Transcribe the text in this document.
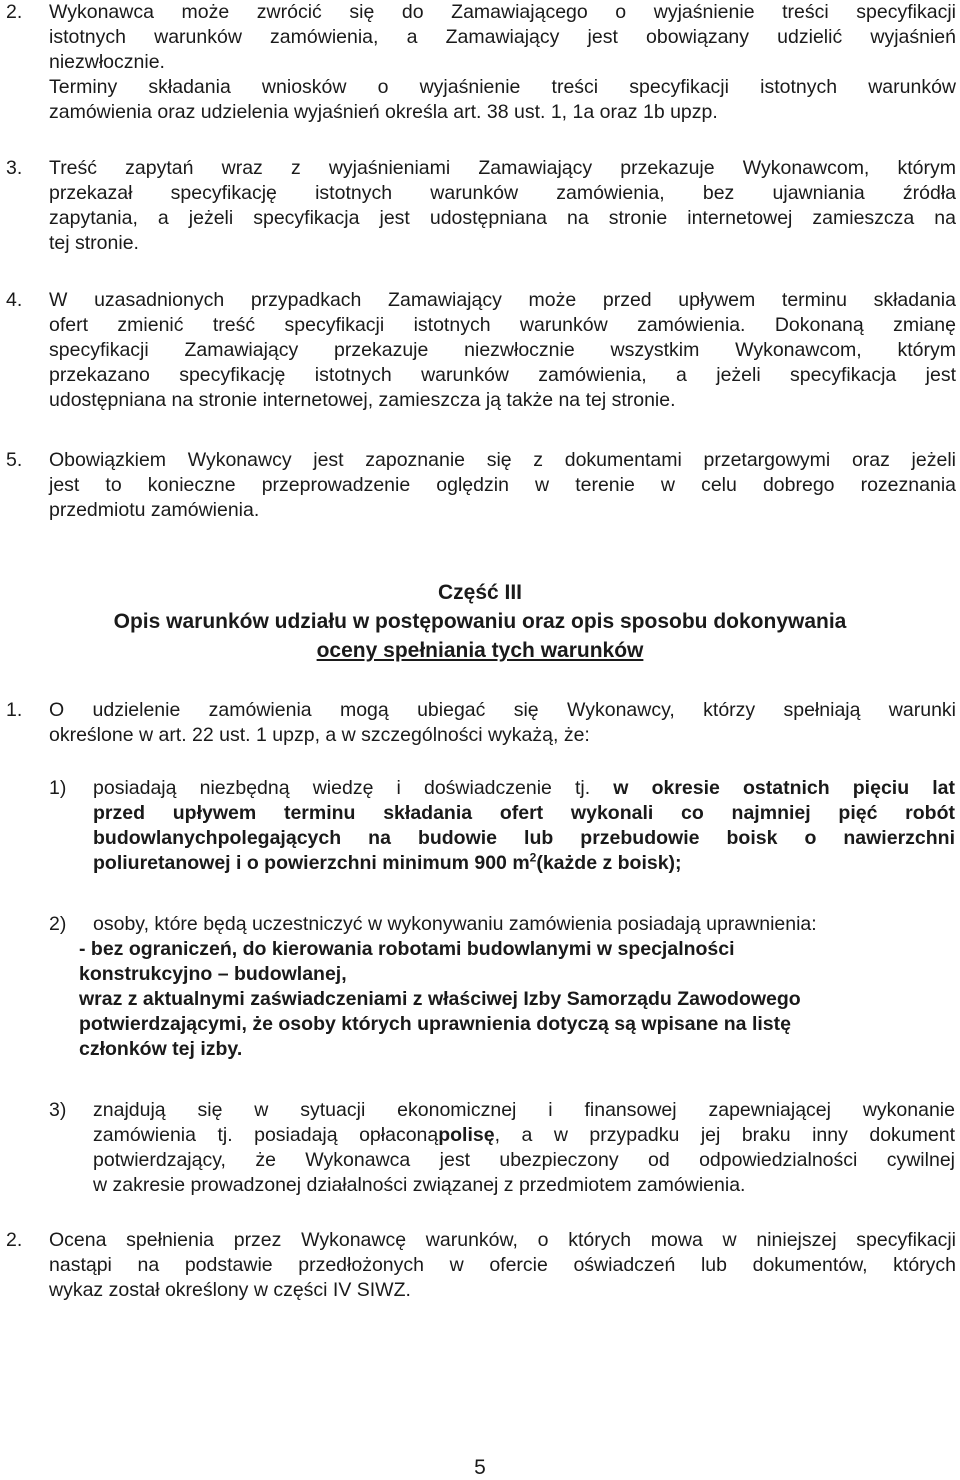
2. Wykonawca może zwrócić się do Zamawiającego o wyjaśnienie treści specyfikacji
istotnych warunków zamówienia, a Zamawiający jest obowiązany udzielić wyjaśnień
niezwłocznie.
Terminy składania wniosków o wyjaśnienie treści specyfikacji istotnych warunków
zamówienia oraz udzielenia wyjaśnień określa art. 38 ust. 1, 1a oraz 1b upzp.
3. Treść zapytań wraz z wyjaśnieniami Zamawiający przekazuje Wykonawcom, którym
przekazał specyfikację istotnych warunków zamówienia, bez ujawniania źródła
zapytania, a jeżeli specyfikacja jest udostępniana na stronie internetowej zamieszcza na
tej stronie.
4. W uzasadnionych przypadkach Zamawiający może przed upływem terminu składania
ofert zmienić treść specyfikacji istotnych warunków zamówienia. Dokonaną zmianę
specyfikacji Zamawiający przekazuje niezwłocznie wszystkim Wykonawcom, którym
przekazano specyfikację istotnych warunków zamówienia, a jeżeli specyfikacja jest
udostępniana na stronie internetowej, zamieszcza ją także na tej stronie.
5. Obowiązkiem Wykonawcy jest zapoznanie się z dokumentami przetargowymi oraz jeżeli
jest to konieczne przeprowadzenie oględzin w terenie w celu dobrego rozeznania
przedmiotu zamówienia.
Część III
Opis warunków udziału w postępowaniu oraz opis sposobu dokonywania
oceny spełniania tych warunków
1. O udzielenie zamówienia mogą ubiegać się Wykonawcy, którzy spełniają warunki
określone w art. 22 ust. 1 upzp, a w szczególności wykażą, że:
1) posiadają niezbędną wiedzę i doświadczenie tj. w okresie ostatnich pięciu lat
przed upływem terminu składania ofert wykonali co najmniej pięć robót
budowlanychpolegających na budowie lub przebudowie boisk o nawierzchni
poliuretanowej i o powierzchni minimum 900 $m^2(każde$ z boisk);
2) osoby, które będą uczestniczyć w wykonywaniu zamówienia posiadają uprawnienia:
- bez ograniczeń, do kierowania robotami budowlanymi w specjalności
konstrukcyjno – budowlanej,
wraz z aktualnymi zaświadczeniami z właściwej Izby Samorządu Zawodowego
potwierdzającymi, że osoby których uprawnienia dotyczą są wpisane na listę
członków tej izby.
3) znajdują się w sytuacji ekonomicznej i finansowej zapewniającej wykonanie
zamówienia tj. posiadają opłaconąpolisę, a w przypadku jej braku inny dokument
potwierdzający, że Wykonawca jest ubezpieczony od odpowiedzialności cywilnej
w zakresie prowadzonej działalności związanej z przedmiotem zamówienia.
2. Ocena spełnienia przez Wykonawcę warunków, o których mowa w niniejszej specyfikacji
nastąpi na podstawie przedłożonych w ofercie oświadczeń lub dokumentów, których
wykaz został określony w części IV SIWZ.
5
